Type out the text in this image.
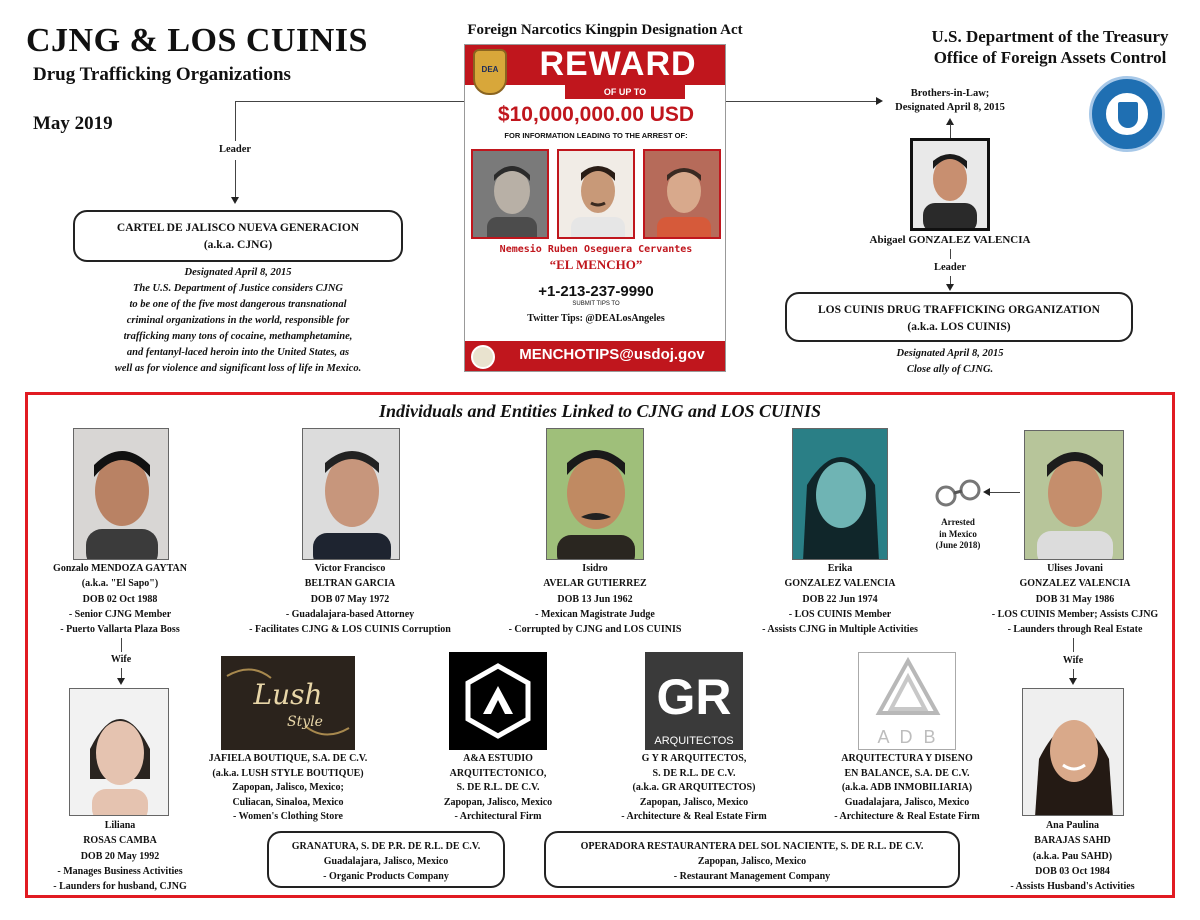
CJNG & LOS CUINIS
Drug Trafficking Organizations
May 2019
Foreign Narcotics Kingpin Designation Act	U.S. Department of the Treasury
Office of Foreign Assets Control
DEA	REWARD
OF UP TO
$10,000,000.00 USD
FOR INFORMATION LEADING TO THE ARREST OF:
Nemesio Ruben Oseguera Cervantes
“EL MENCHO”
+1-213-237-9990
SUBMIT TIPS TO
Twitter Tips: @DEALosAngeles
MENCHOTIPS@usdoj.gov
Leader
CARTEL DE JALISCO NUEVA GENERACION
(a.k.a. CJNG)
Designated April 8, 2015
The U.S. Department of Justice considers CJNG
to be one of the five most dangerous transnational
criminal organizations in the world, responsible for
trafficking many tons of cocaine, methamphetamine,
and fentanyl-laced heroin into the United States, as
well as for violence and significant loss of life in Mexico.
Brothers-in-Law;
Designated April 8, 2015
Abigael GONZALEZ VALENCIA
Leader
LOS CUINIS DRUG TRAFFICKING ORGANIZATION
(a.k.a. LOS CUINIS)
Designated April 8, 2015
Close ally of CJNG.
Individuals and Entities Linked to CJNG and LOS CUINIS
Arrested
in Mexico
(June 2018)
Gonzalo MENDOZA GAYTAN
(a.k.a. "El Sapo")
DOB 02 Oct 1988
- Senior CJNG Member
- Puerto Vallarta Plaza Boss
Victor Francisco
BELTRAN GARCIA
DOB 07 May 1972
- Guadalajara-based Attorney
- Facilitates CJNG & LOS CUINIS Corruption
Isidro
AVELAR GUTIERREZ
DOB 13 Jun 1962
- Mexican Magistrate Judge
- Corrupted by CJNG and LOS CUINIS
Erika
GONZALEZ VALENCIA
DOB 22 Jun 1974
- LOS CUINIS Member
- Assists CJNG in Multiple Activities
Ulises Jovani
GONZALEZ VALENCIA
DOB 31 May 1986
- LOS CUINIS Member; Assists CJNG
- Launders through Real Estate
Wife	Wife
Liliana
ROSAS CAMBA
DOB 20 May 1992
- Manages Business Activities
- Launders for husband, CJNG
Ana Paulina
BARAJAS SAHD
(a.k.a. Pau SAHD)
DOB 03 Oct 1984
- Assists Husband's Activities
Lush
Style	GR
ARQUITECTOS	A D B
JAFIELA BOUTIQUE, S.A. DE C.V.
(a.k.a. LUSH STYLE BOUTIQUE)
Zapopan, Jalisco, Mexico;
Culiacan, Sinaloa, Mexico
- Women's Clothing Store
A&A ESTUDIO
ARQUITECTONICO,
S. DE R.L. DE C.V.
Zapopan, Jalisco, Mexico
- Architectural Firm
G Y R ARQUITECTOS,
S. DE R.L. DE C.V.
(a.k.a. GR ARQUITECTOS)
Zapopan, Jalisco, Mexico
- Architecture & Real Estate Firm
ARQUITECTURA Y DISENO
EN BALANCE, S.A. DE C.V.
(a.k.a. ADB INMOBILIARIA)
Guadalajara, Jalisco, Mexico
- Architecture & Real Estate Firm
GRANATURA, S. DE P.R. DE R.L. DE C.V.
Guadalajara, Jalisco, Mexico
- Organic Products Company
OPERADORA RESTAURANTERA DEL SOL NACIENTE, S. DE R.L. DE C.V.
Zapopan, Jalisco, Mexico
- Restaurant Management Company
